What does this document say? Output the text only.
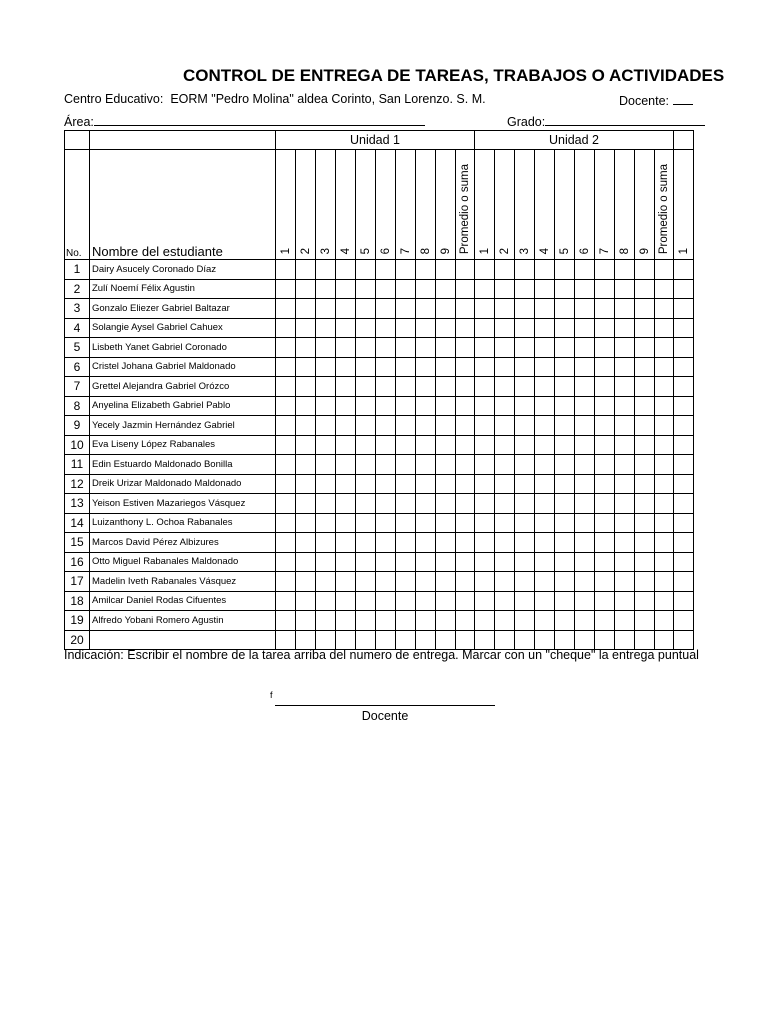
CONTROL DE ENTREGA DE TAREAS, TRABAJOS O ACTIVIDADES
Centro Educativo: EORM "Pedro Molina" aldea Corinto, San Lorenzo. S. M.	Docente:
Área:	Grado:
		Unidad 1										Unidad 2										
No.	Nombre del estudiante	1	2	3	4	5	6	7	8	9	Promedio o suma	1	2	3	4	5	6	7	8	9	Promedio o suma	1
1	Dairy Asucely Coronado Díaz																					
2	Zulí Noemí Félix Agustin																					
3	Gonzalo Eliezer Gabriel Baltazar																					
4	Solangie Aysel Gabriel Cahuex																					
5	Lisbeth Yanet Gabriel Coronado																					
6	Cristel Johana Gabriel Maldonado																					
7	Grettel Alejandra Gabriel Orózco																					
8	Anyelina Elizabeth Gabriel Pablo																					
9	Yecely Jazmin Hernández Gabriel																					
10	Eva Liseny López Rabanales																					
11	Edin Estuardo Maldonado Bonilla																					
12	Dreik Urizar Maldonado Maldonado																					
13	Yeison Estiven Mazariegos Vásquez																					
14	Luizanthony L. Ochoa Rabanales																					
15	Marcos David Pérez Albizures																					
16	Otto Miguel Rabanales Maldonado																					
17	Madelin Iveth Rabanales Vásquez																					
18	Amilcar Daniel Rodas Cifuentes																					
19	Alfredo Yobani Romero Agustin																					
20																						
Indicación: Escribir el nombre de la tarea arriba del numero de entrega. Marcar con un "cheque" la entrega puntual
f
Docente
